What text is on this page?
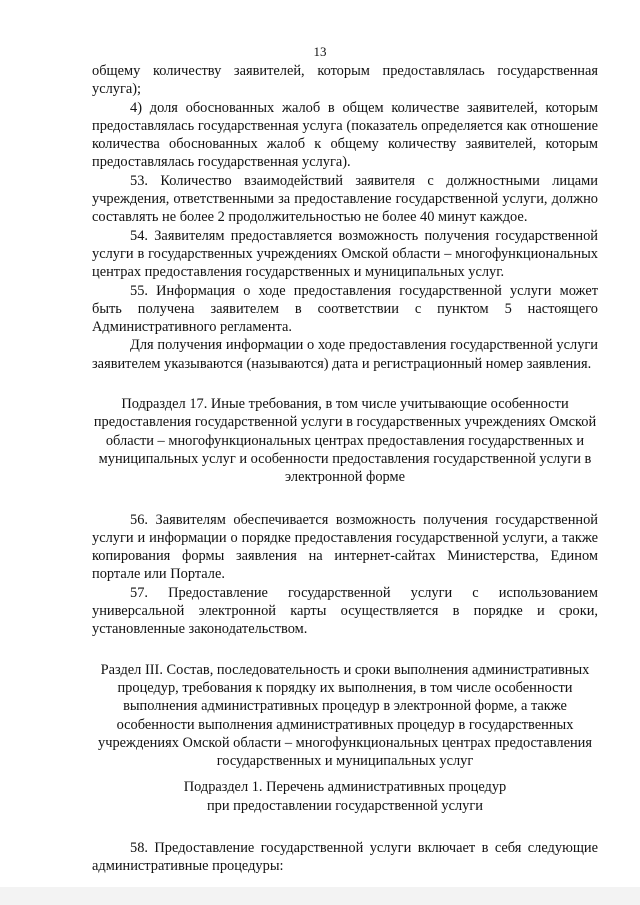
13

общему количеству заявителей, которым предоставлялась государственная услуга);

4) доля обоснованных жалоб в общем количестве заявителей, которым предоставлялась государственная услуга (показатель определяется как отношение количества обоснованных жалоб к общему количеству заявителей, которым предоставлялась государственная услуга).

53. Количество взаимодействий заявителя с должностными лицами учреждения, ответственными за предоставление государственной услуги, должно составлять не более 2 продолжительностью не более 40 минут каждое.

54. Заявителям предоставляется возможность получения государственной услуги в государственных учреждениях Омской области – многофункциональных центрах предоставления государственных и муниципальных услуг.

55. Информация о ходе предоставления государственной услуги может быть получена заявителем в соответствии с пунктом 5 настоящего Административного регламента.

Для получения информации о ходе предоставления государственной услуги заявителем указываются (называются) дата и регистрационный номер заявления.

Подраздел 17. Иные требования, в том числе учитывающие особенности предоставления государственной услуги в государственных учреждениях Омской области – многофункциональных центрах предоставления государственных и муниципальных услуг и особенности предоставления государственной услуги в электронной форме

56. Заявителям обеспечивается возможность получения государственной услуги и информации о порядке предоставления государственной услуги, а также копирования формы заявления на интернет-сайтах Министерства, Едином портале или Портале.

57. Предоставление государственной услуги с использованием универсальной электронной карты осуществляется в порядке и сроки, установленные законодательством.

Раздел III. Состав, последовательность и сроки выполнения административных процедур, требования к порядку их выполнения, в том числе особенности выполнения административных процедур в электронной форме, а также особенности выполнения административных процедур в государственных учреждениях Омской области – многофункциональных центрах предоставления государственных и муниципальных услуг

Подраздел 1. Перечень административных процедур

при предоставлении государственной услуги

58. Предоставление государственной услуги включает в себя следующие административные процедуры:
